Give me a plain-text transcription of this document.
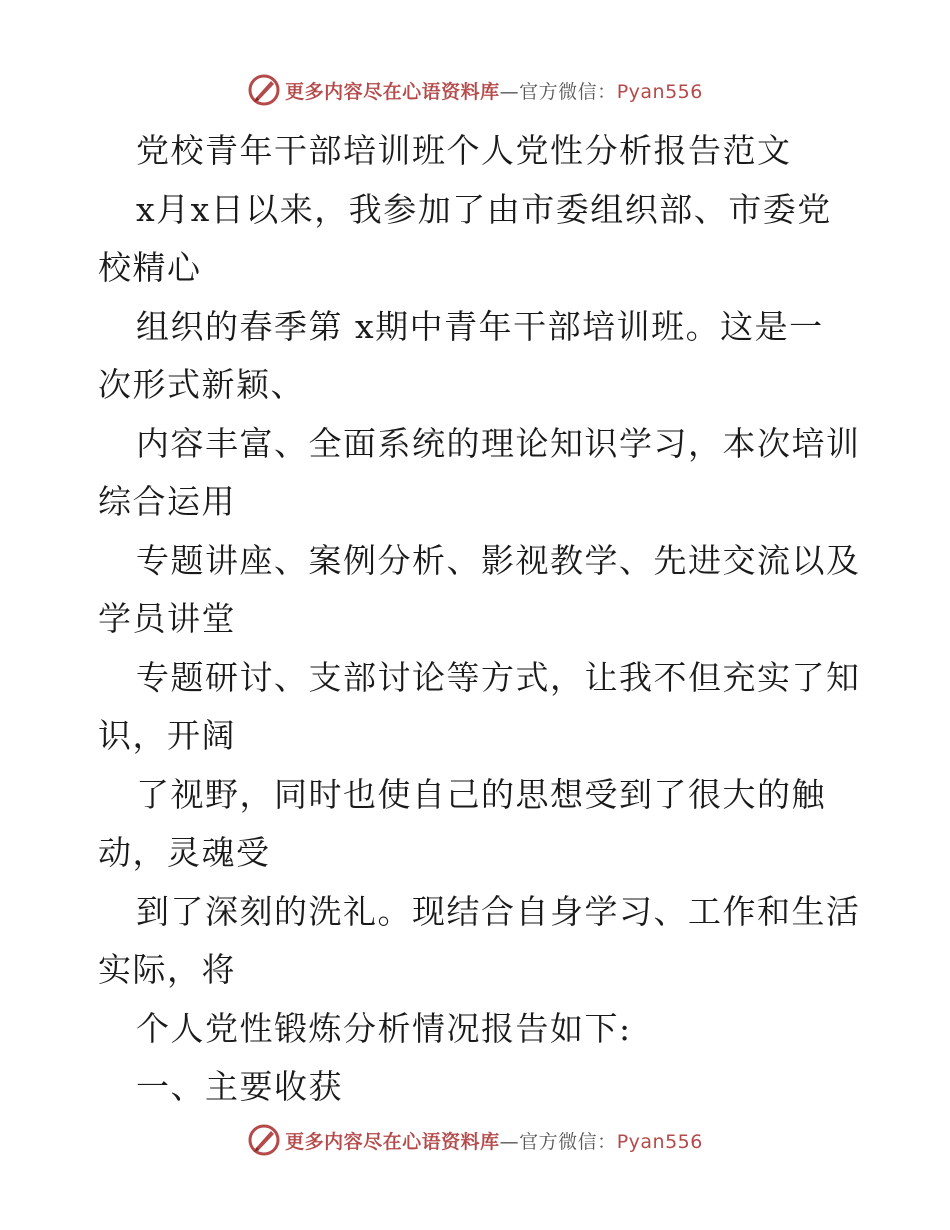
更多内容尽在心语资料库 —官方微信：Pyan556
党校青年干部培训班个人党性分析报告范文
x月x日以来，我参加了由市委组织部、市委党
校精心
组织的春季第 x期中青年干部培训班。这是一
次形式新颖、
内容丰富、全面系统的理论知识学习，本次培训
综合运用
专题讲座、案例分析、影视教学、先进交流以及
学员讲堂
专题研讨、支部讨论等方式，让我不但充实了知
识，开阔
了视野，同时也使自己的思想受到了很大的触
动，灵魂受
到了深刻的洗礼。现结合自身学习、工作和生活
实际，将
个人党性锻炼分析情况报告如下:
一、主要收获
更多内容尽在心语资料库 —官方微信：Pyan556
